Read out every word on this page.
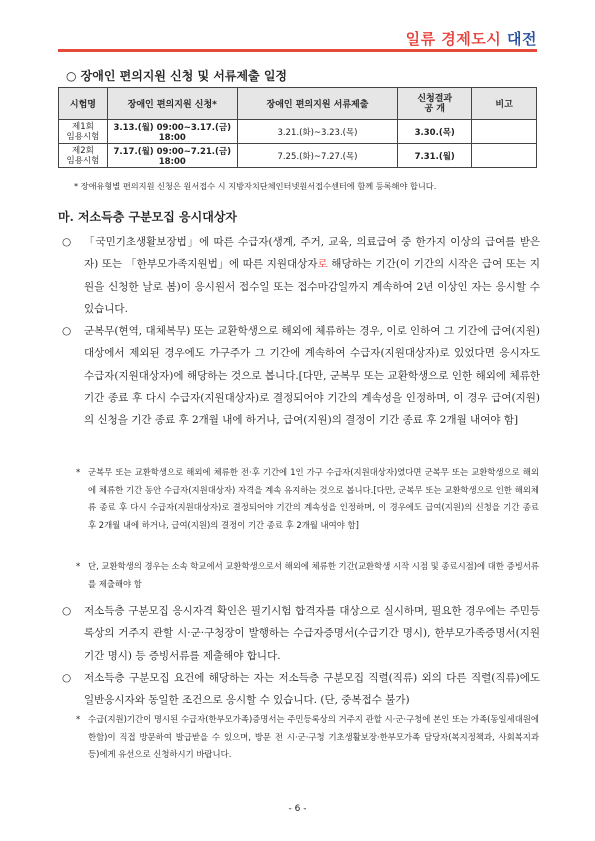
일류 경제도시 대전
○ 장애인 편의지원 신청 및 서류제출 일정
시험명	장애인 편의지원 신청*	장애인 편의지원 서류제출	신청결과
공 개	비고

제1회
임용시험	3.13.(월) 09:00~3.17.(금) 18:00	3.21.(화)~3.23.(목)	3.30.(목)	

제2회
임용시험	7.17.(월) 09:00~7.21.(금) 18:00	7.25.(화)~7.27.(목)	7.31.(월)	
* 장애유형별 편의지원 신청은 원서접수 시 지방자치단체인터넷원서접수센터에 함께 등록해야 합니다.
마. 저소득층 구분모집 응시대상자
○	「국민기초생활보장법」에 따른 수급자(생계, 주거, 교육, 의료급여 중 한가지 이상의 급여를 받은 자) 또는 「한부모가족지원법」에 따른 지원대상자로 해당하는 기간(이 기간의 시작은 급여 또는 지원을 신청한 날로 봄)이 응시원서 접수일 또는 접수마감일까지 계속하여 2년 이상인 자는 응시할 수 있습니다.
○	군복무(현역, 대체복무) 또는 교환학생으로 해외에 체류하는 경우, 이로 인하여 그 기간에 급여(지원) 대상에서 제외된 경우에도 가구주가 그 기간에 계속하여 수급자(지원대상자)로 있었다면 응시자도 수급자(지원대상자)에 해당하는 것으로 봅니다.[다만, 군복무 또는 교환학생으로 인한 해외에 체류한 기간 종료 후 다시 수급자(지원대상자)로 결정되어야 기간의 계속성을 인정하며, 이 경우 급여(지원)의 신청을 기간 종료 후 2개월 내에 하거나, 급여(지원)의 결정이 기간 종료 후 2개월 내여야 함]
* 군복무 또는 교환학생으로 해외에 체류한 전·후 기간에 1인 가구 수급자(지원대상자)였다면 군복무 또는 교환학생으로 해외에 체류한 기간 동안 수급자(지원대상자) 자격을 계속 유지하는 것으로 봅니다.[다만, 군복무 또는 교환학생으로 인한 해외체류 종료 후 다시 수급자(지원대상자)로 결정되어야 기간의 계속성을 인정하며, 이 경우에도 급여(지원)의 신청을 기간 종료 후 2개월 내에 하거나, 급여(지원)의 결정이 기간 종료 후 2개월 내여야 함]
* 단, 교환학생의 경우는 소속 학교에서 교환학생으로서 해외에 체류한 기간(교환학생 시작 시점 및 종료시점)에 대한 증빙서류를 제출해야 함
○	저소득층 구분모집 응시자격 확인은 필기시험 합격자를 대상으로 실시하며, 필요한 경우에는 주민등록상의 거주지 관할 시·군·구청장이 발행하는 수급자증명서(수급기간 명시), 한부모가족증명서(지원기간 명시) 등 증빙서류를 제출해야 합니다.
○	저소득층 구분모집 요건에 해당하는 자는 저소득층 구분모집 직렬(직류) 외의 다른 직렬(직류)에도 일반응시자와 동일한 조건으로 응시할 수 있습니다. (단, 중복접수 불가)
* 수급(지원)기간이 명시된 수급자(한부모가족)증명서는 주민등록상의 거주지 관할 시·군·구청에 본인 또는 가족(동일세대원에 한함)이 직접 방문하여 발급받을 수 있으며, 방문 전 시·군·구청 기초생활보장·한부모가족 담당자(복지정책과, 사회복지과 등)에게 유선으로 신청하시기 바랍니다.
- 6 -
